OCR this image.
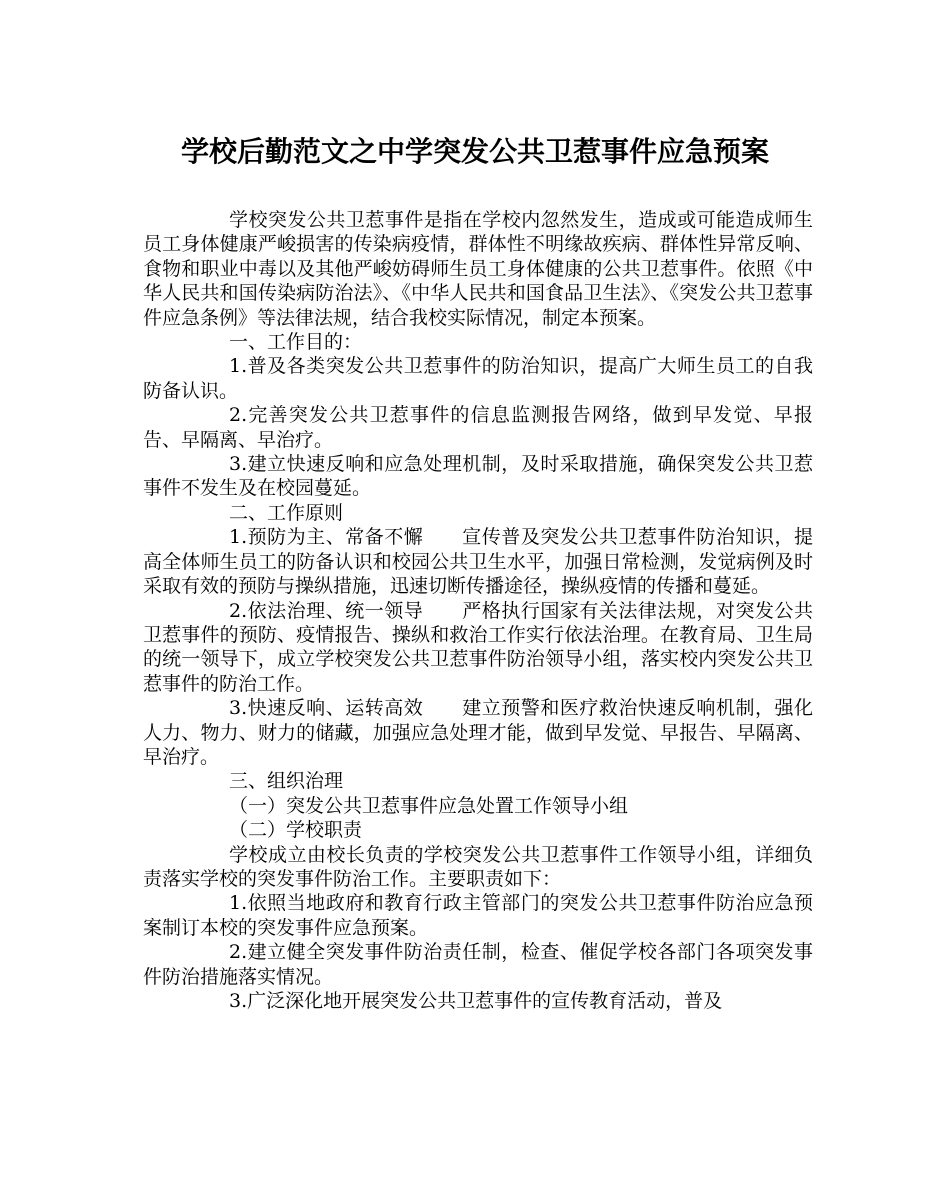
学校后勤范文之中学突发公共卫惹事件应急预案

学校突发公共卫惹事件是指在学校内忽然发生，造成或可能造成师生员工身体健康严峻损害的传染病疫情，群体性不明缘故疾病、群体性异常反响、食物和职业中毒以及其他严峻妨碍师生员工身体健康的公共卫惹事件。依照《中华人民共和国传染病防治法》、《中华人民共和国食品卫生法》、《突发公共卫惹事件应急条例》等法律法规，结合我校实际情况，制定本预案。

一、工作目的：

1.普及各类突发公共卫惹事件的防治知识，提高广大师生员工的自我防备认识。

2.完善突发公共卫惹事件的信息监测报告网络，做到早发觉、早报告、早隔离、早治疗。

3.建立快速反响和应急处理机制，及时采取措施，确保突发公共卫惹事件不发生及在校园蔓延。

二、工作原则

1.预防为主、常备不懈　　宣传普及突发公共卫惹事件防治知识，提高全体师生员工的防备认识和校园公共卫生水平，加强日常检测，发觉病例及时采取有效的预防与操纵措施，迅速切断传播途径，操纵疫情的传播和蔓延。

2.依法治理、统一领导　　严格执行国家有关法律法规，对突发公共卫惹事件的预防、疫情报告、操纵和救治工作实行依法治理。在教育局、卫生局的统一领导下，成立学校突发公共卫惹事件防治领导小组，落实校内突发公共卫惹事件的防治工作。

3.快速反响、运转高效　　建立预警和医疗救治快速反响机制，强化人力、物力、财力的储藏，加强应急处理才能，做到早发觉、早报告、早隔离、早治疗。

三、组织治理

（一）突发公共卫惹事件应急处置工作领导小组

（二）学校职责

学校成立由校长负责的学校突发公共卫惹事件工作领导小组，详细负责落实学校的突发事件防治工作。主要职责如下：

1.依照当地政府和教育行政主管部门的突发公共卫惹事件防治应急预案制订本校的突发事件应急预案。

2.建立健全突发事件防治责任制，检查、催促学校各部门各项突发事件防治措施落实情况。

3.广泛深化地开展突发公共卫惹事件的宣传教育活动，普及
